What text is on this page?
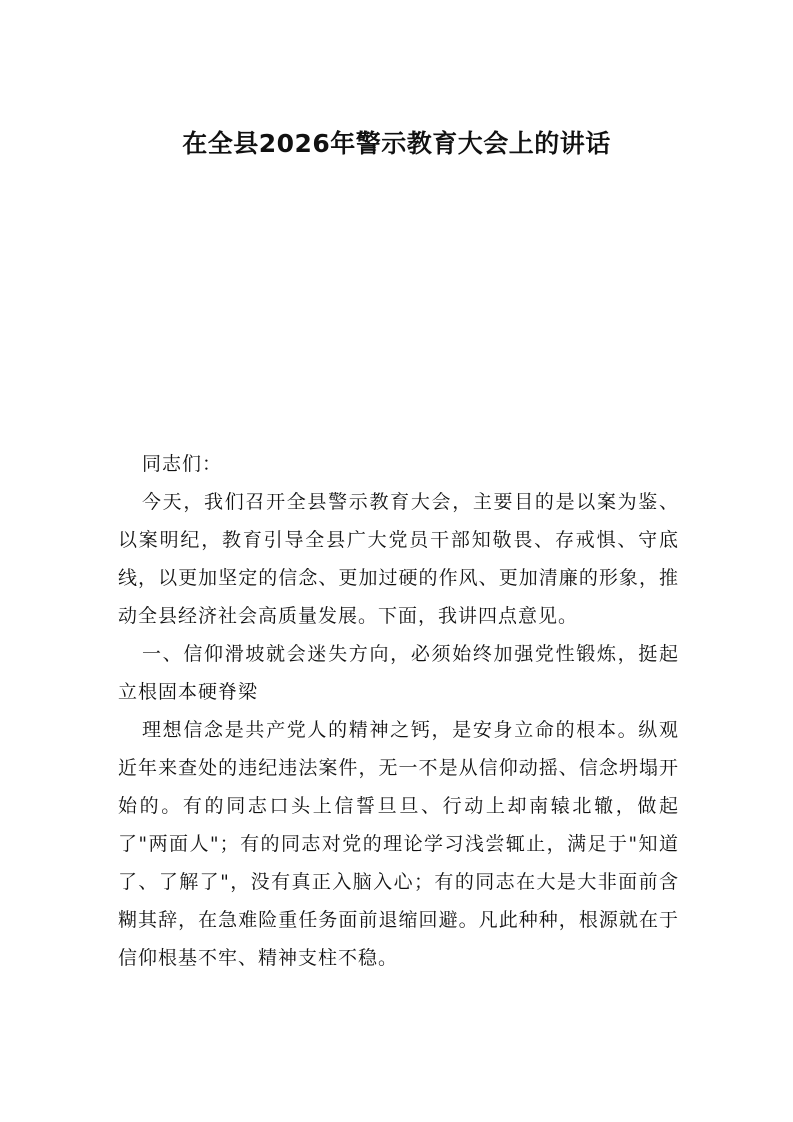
在全县2026年警示教育大会上的讲话

同志们：

今天，我们召开全县警示教育大会，主要目的是以案为鉴、以案明纪，教育引导全县广大党员干部知敬畏、存戒惧、守底线，以更加坚定的信念、更加过硬的作风、更加清廉的形象，推动全县经济社会高质量发展。下面，我讲四点意见。

一、信仰滑坡就会迷失方向，必须始终加强党性锻炼，挺起立根固本硬脊梁

理想信念是共产党人的精神之钙，是安身立命的根本。纵观近年来查处的违纪违法案件，无一不是从信仰动摇、信念坍塌开始的。有的同志口头上信誓旦旦、行动上却南辕北辙，做起了"两面人"；有的同志对党的理论学习浅尝辄止，满足于"知道了、了解了"，没有真正入脑入心；有的同志在大是大非面前含糊其辞，在急难险重任务面前退缩回避。凡此种种，根源就在于信仰根基不牢、精神支柱不稳。
